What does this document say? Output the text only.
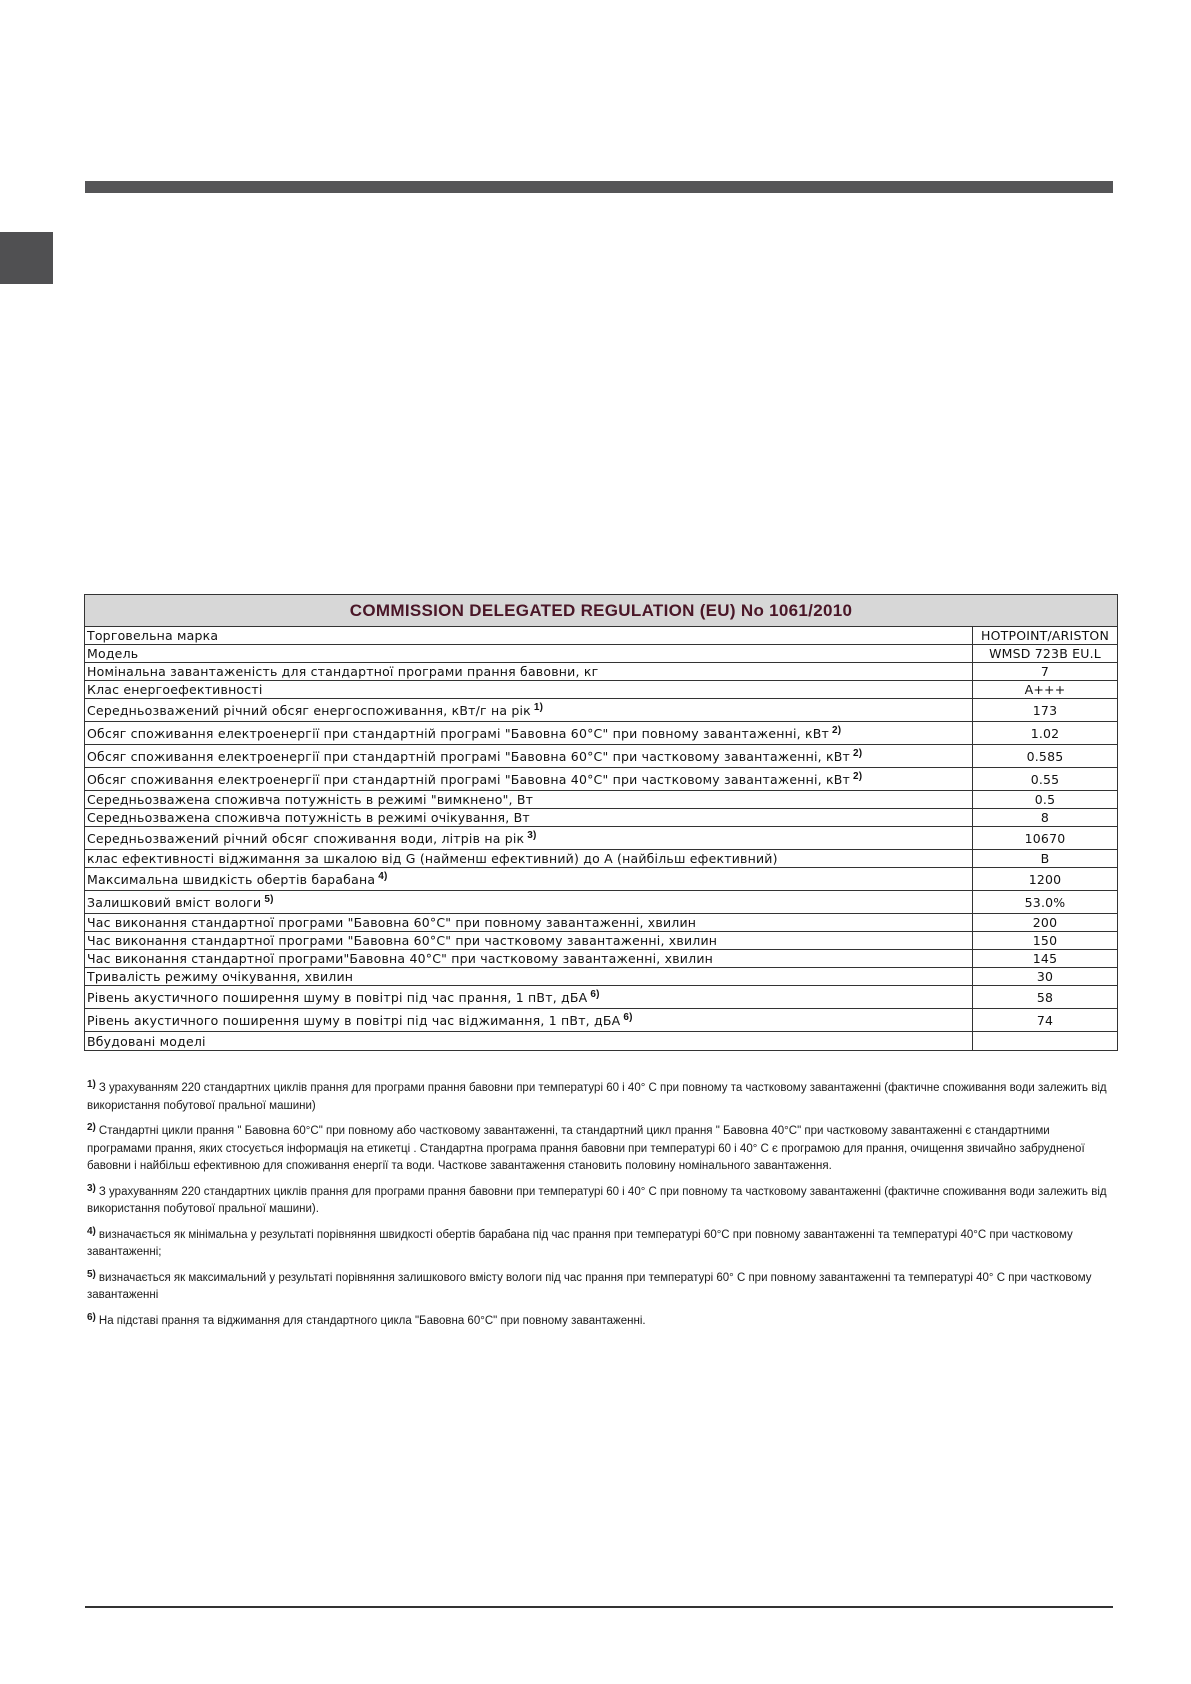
COMMISSION DELEGATED REGULATION (EU) No 1061/2010	
Торговельна марка	HOTPOINT/ARISTON
Модель	WMSD 723B EU.L
Номінальна завантаженість для стандартної програми прання бавовни, кг	7
Клас енергоефективності	A+++
Середньозважений річний обсяг енергоспоживання, кВт/г на рік $^{1)}$	173
Обсяг споживання електроенергії при стандартній програмі "Бавовна 60°C" при повному завантаженні, кВт $^{2)}$	1.02
Обсяг споживання електроенергії при стандартній програмі "Бавовна 60°C" при частковому завантаженні, кВт $^{2)}$	0.585
Обсяг споживання електроенергії при стандартній програмі "Бавовна 40°C" при частковому завантаженні, кВт $^{2)}$	0.55
Середньозважена споживча потужність в режимі "вимкнено", Вт	0.5
Середньозважена споживча потужність в режимі очікування, Вт	8
Середньозважений річний обсяг споживання води, літрів на рік $^{3)}$	10670
клас ефективності віджимання за шкалою від G (найменш ефективний) до A (найбільш ефективний)	B
Максимальна швидкість обертів барабана $^{4)}$	1200
Залишковий вміст вологи $^{5)}$	53.0%
Час виконання стандартної програми "Бавовна 60°C" при повному завантаженні, хвилин	200
Час виконання стандартної програми "Бавовна 60°C" при частковому завантаженні, хвилин	150
Час виконання стандартної програми"Бавовна 40°C" при частковому завантаженні, хвилин	145
Тривалість режиму очікування, хвилин	30
Рівень акустичного поширення шуму в повітрі під час прання, 1 пВт, дБА $^{6)}$	58
Рівень акустичного поширення шуму в повітрі під час віджимання, 1 пВт, дБА $^{6)}$	74
Вбудовані моделі	

$^{1)}$ З урахуванням 220 стандартних циклів прання для програми прання бавовни при температурі 60 і 40° С при повному та частковому завантаженні (фактичне споживання води залежить від використання побутової пральної машини)

$^{2)}$ Стандартні цикли прання " Бавовна 60°C" при повному або частковому завантаженні, та стандартний цикл прання " Бавовна 40°C" при частковому завантаженні є стандартними програмами прання, яких стосується інформація на етикетці . Стандартна програма прання бавовни при температурі 60 і 40° С є програмою для прання, очищення звичайно забрудненої бавовни і найбільш ефективною для споживання енергії та води. Часткове завантаження становить половину номінального завантаження.

$^{3)}$ З урахуванням 220 стандартних циклів прання для програми прання бавовни при температурі 60 і 40° С при повному та частковому завантаженні (фактичне споживання води залежить від використання побутової пральної машини).

$^{4)}$ визначається як мінімальна у результаті порівняння швидкості обертів барабана під час прання при температурі 60°C при повному завантаженні та температурі 40°C при частковому завантаженні;

$^{5)}$ визначається як максимальний у результаті порівняння залишкового вмісту вологи під час прання при температурі 60° С при повному завантаженні та температурі 40° С при частковому завантаженні

$^{6)}$ На підставі прання та віджимання для стандартного цикла "Бавовна 60°C" при повному завантаженні.
